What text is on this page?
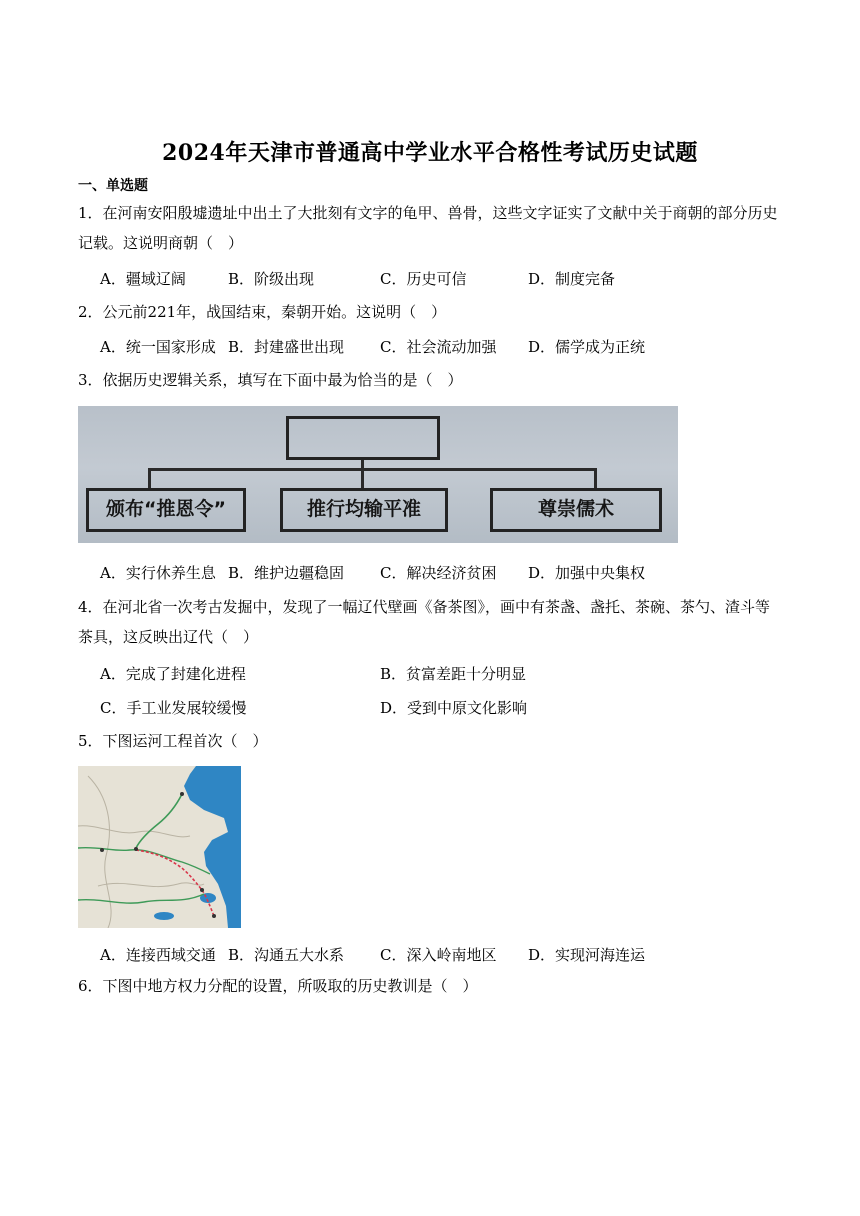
2024年天津市普通高中学业水平合格性考试历史试题
一、单选题
1．在河南安阳殷墟遗址中出土了大批刻有文字的龟甲、兽骨，这些文字证实了文献中关于商朝的部分历史记载。这说明商朝（　）
A．疆域辽阔	B．阶级出现	C．历史可信	D．制度完备
2．公元前221年，战国结束，秦朝开始。这说明（　）
A．统一国家形成 B．封建盛世出现 C．社会流动加强 D．儒学成为正统
3．依据历史逻辑关系，填写在下面中最为恰当的是（　）
颁布“推恩令”	推行均输平准	尊崇儒术
A．实行休养生息 B．维护边疆稳固 C．解决经济贫困 D．加强中央集权
4．在河北省一次考古发掘中，发现了一幅辽代壁画《备茶图》，画中有茶盏、盏托、茶碗、茶勺、渣斗等茶具，这反映出辽代（　）
A．完成了封建化进程	B．贫富差距十分明显
C．手工业发展较缓慢	D．受到中原文化影响
5．下图运河工程首次（　）
A．连接西域交通 B．沟通五大水系 C．深入岭南地区 D．实现河海连运
6．下图中地方权力分配的设置，所吸取的历史教训是（　）
